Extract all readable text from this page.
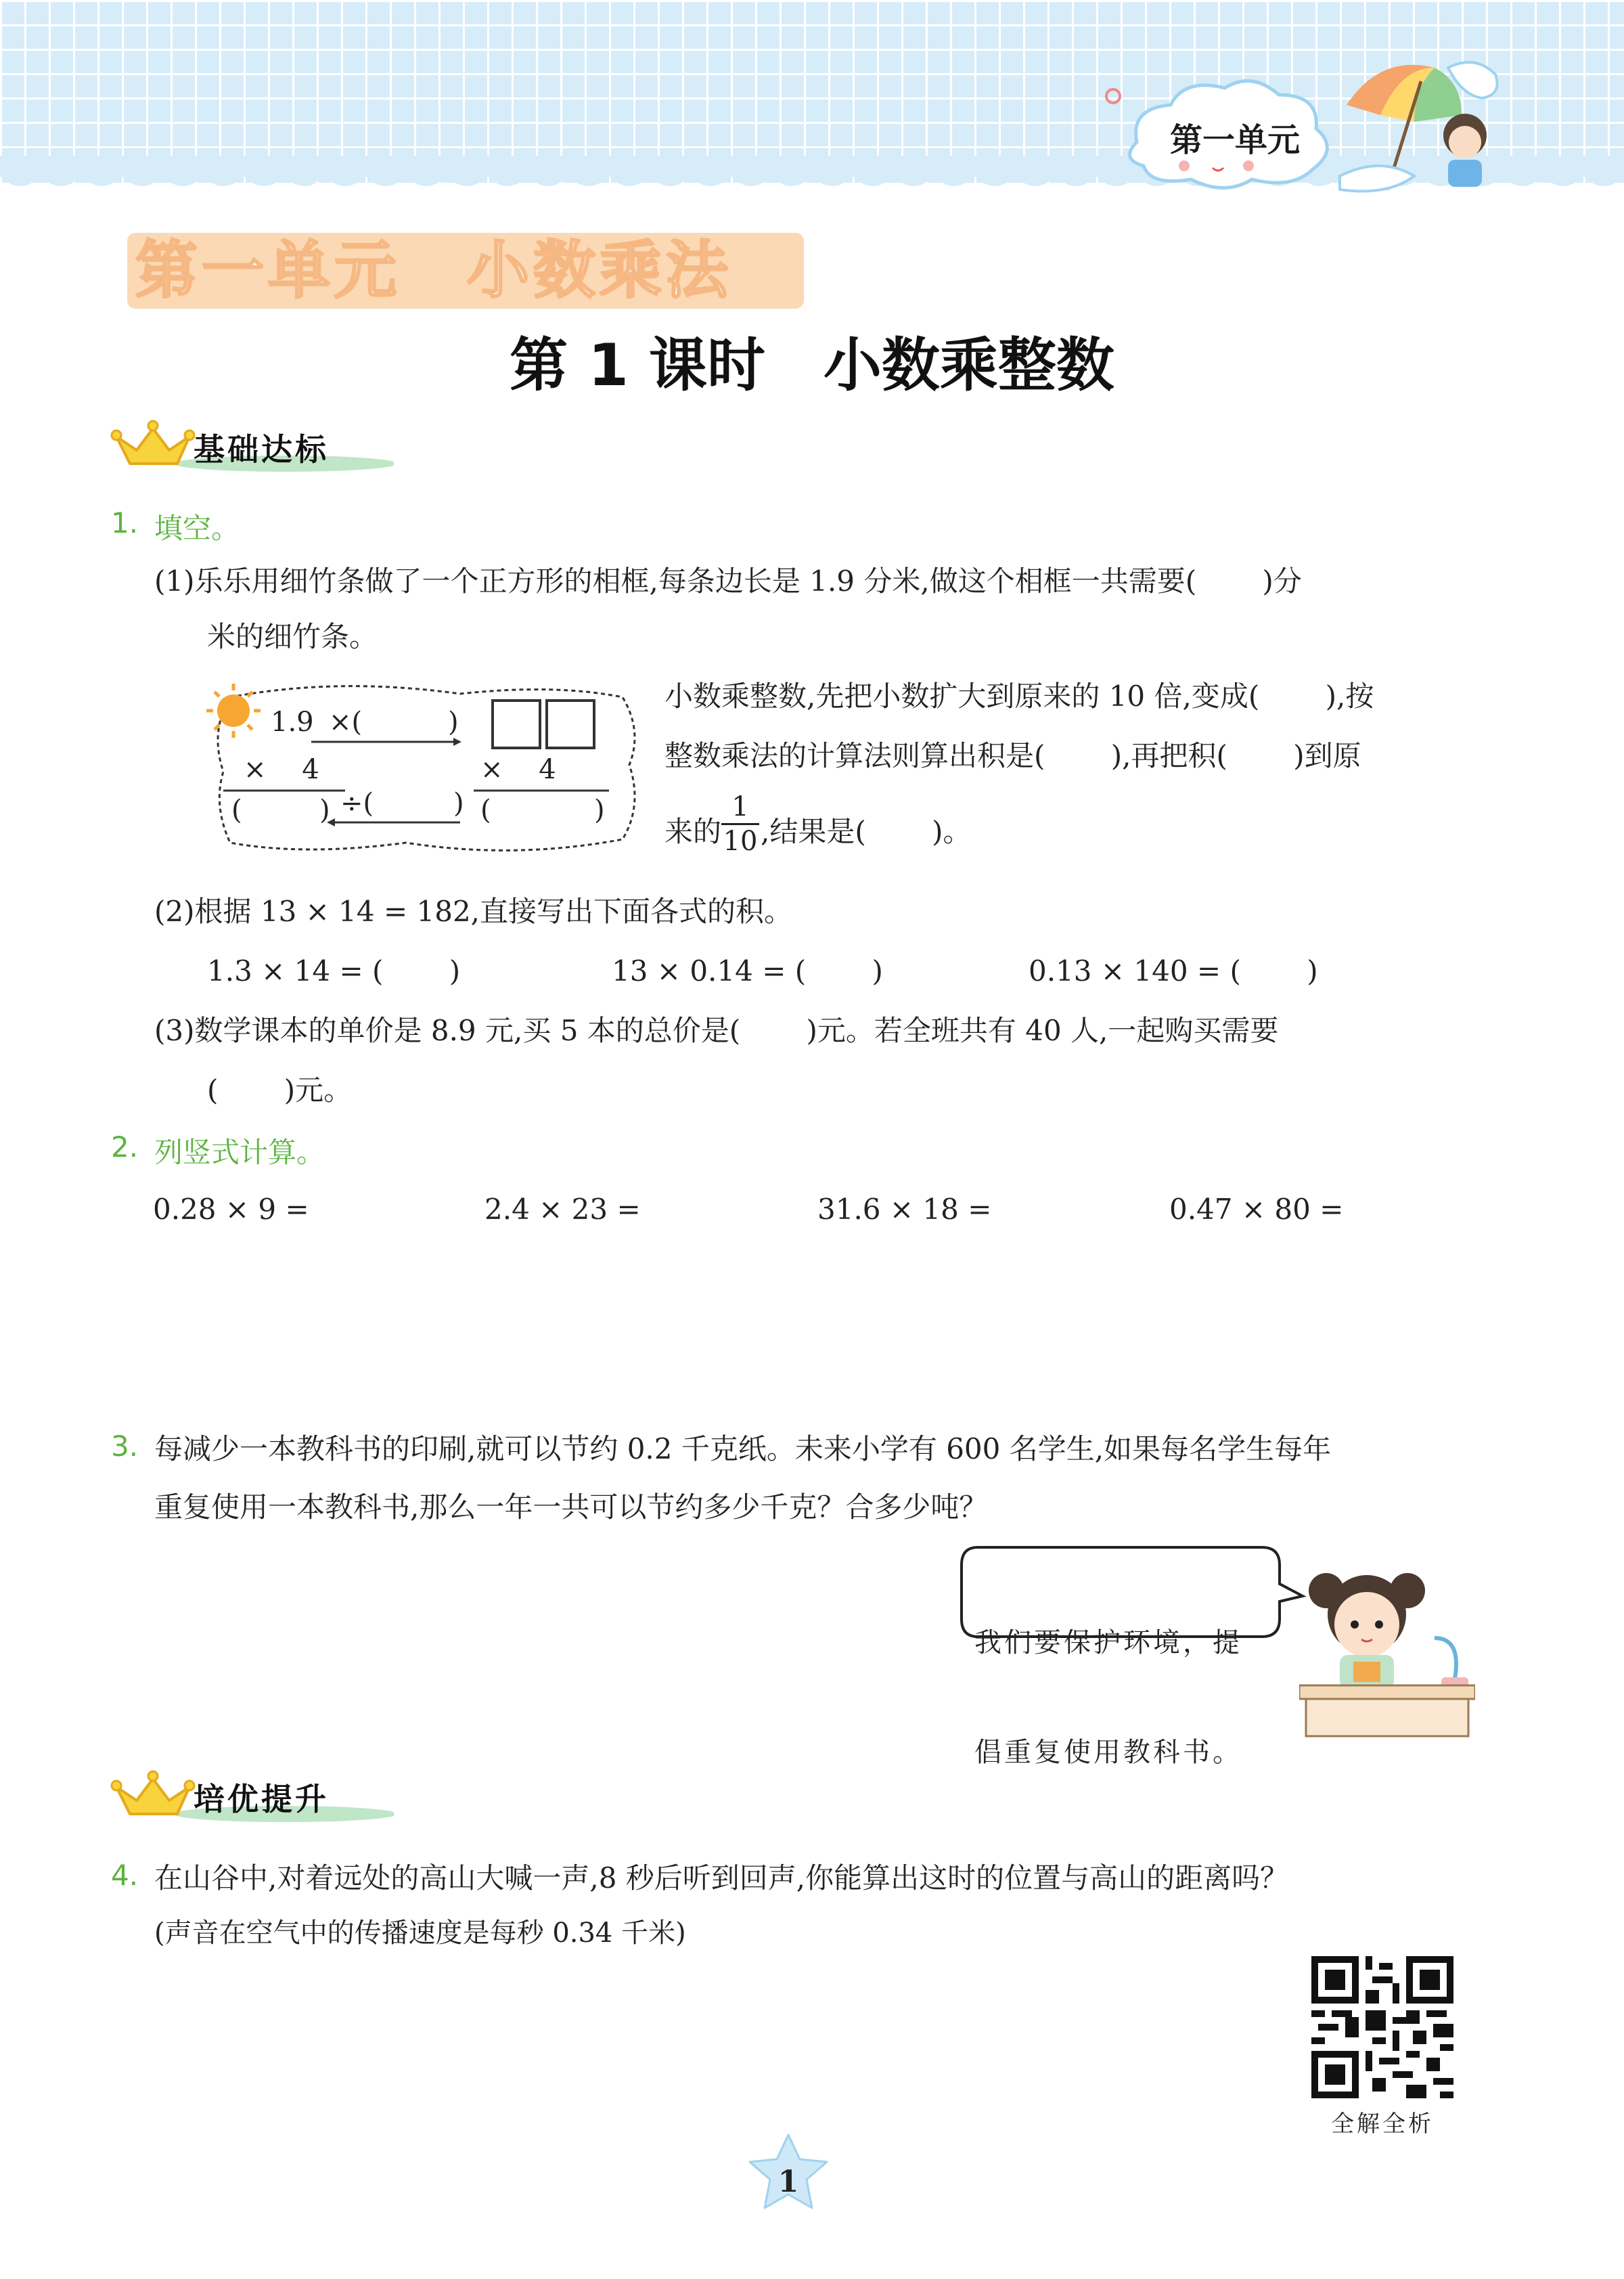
第一单元
第一单元　小数乘法
第 1 课时　小数乘整数
基础达标
1. 填空。
(1)乐乐用细竹条做了一个正方形的相框,每条边长是 1.9 分米,做这个相框一共需要(　　 )分
米的细竹条。
1.9 ×(	)
×　 4	×　 4
(	) ÷(	) (	)
小数乘整数,先把小数扩大到原来的 10 倍,变成(　　 ),按
整数乘法的计算法则算出积是(　　 ),再把积(　　 )到原
来的 $\frac{1}{10}$ ,结果是(　　 )。
(2)根据 13 × 14 = 182,直接写出下面各式的积。
1.3 × 14 = (　　 )	13 × 0.14 = (　　 )	0.13 × 140 = (　　 )
(3)数学课本的单价是 8.9 元,买 5 本的总价是(　　 )元。若全班共有 40 人,一起购买需要
(　　 )元。
2. 列竖式计算。
0.28 × 9 =	2.4 × 23 =	31.6 × 18 =	0.47 × 80 =
3. 每减少一本教科书的印刷,就可以节约 0.2 千克纸。未来小学有 600 名学生,如果每名学生每年
重复使用一本教科书,那么一年一共可以节约多少千克？合多少吨？

我们要保护环境，提

倡重复使用教科书。

培优提升
4. 在山谷中,对着远处的高山大喊一声,8 秒后听到回声,你能算出这时的位置与高山的距离吗？
(声音在空气中的传播速度是每秒 0.34 千米)
全解全析
1
